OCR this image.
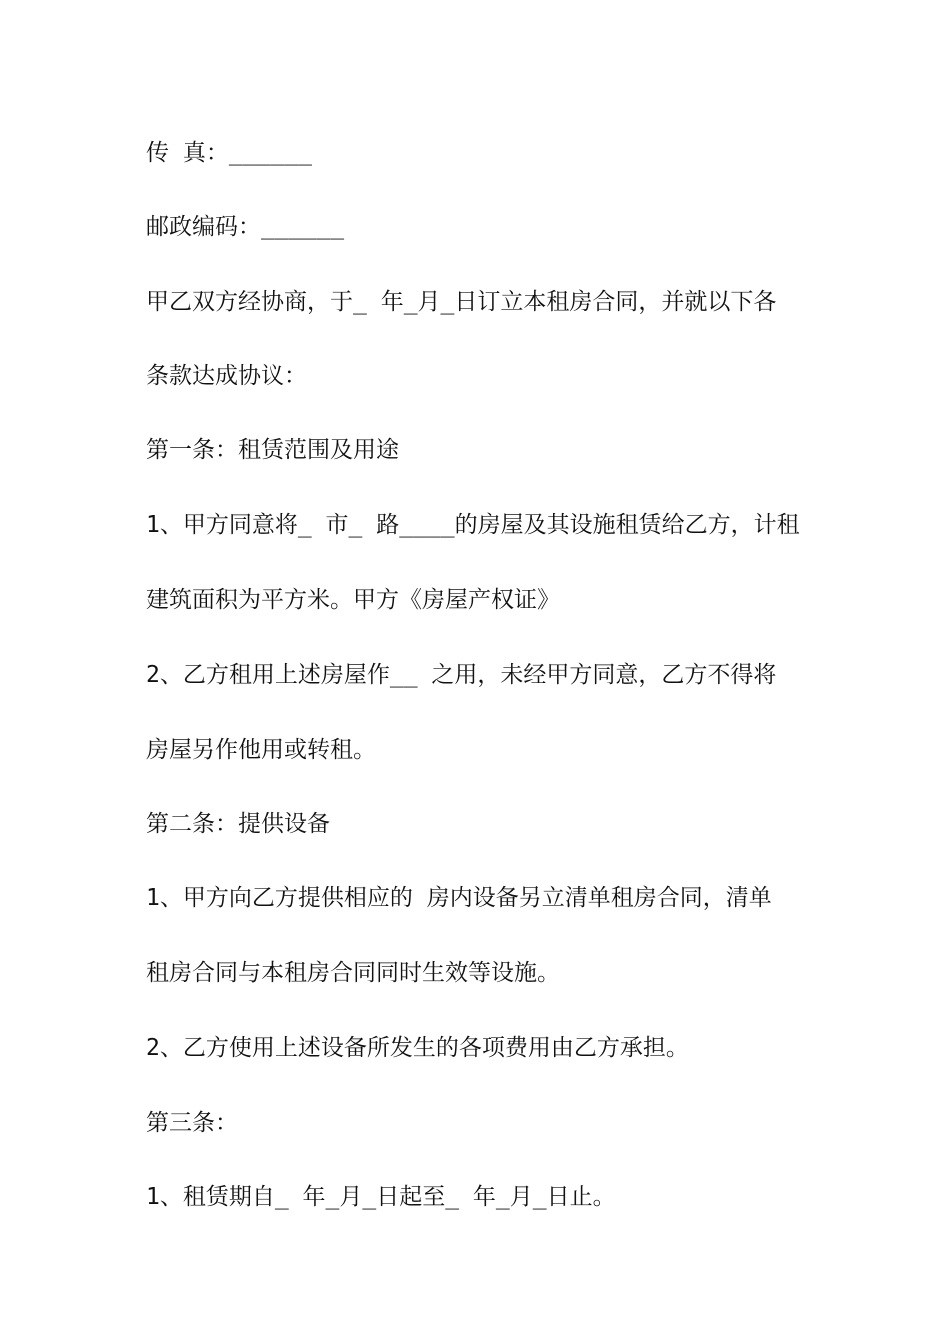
传 真：______
邮政编码：______
甲乙双方经协商，于_ 年_月_日订立本租房合同，并就以下各
条款达成协议：
第一条：租赁范围及用途
1、甲方同意将_ 市_ 路____的房屋及其设施租赁给乙方，计租
建筑面积为平方米。甲方《房屋产权证》
2、乙方租用上述房屋作__ 之用，未经甲方同意，乙方不得将
房屋另作他用或转租。
第二条：提供设备
1、甲方向乙方提供相应的 房内设备另立清单租房合同，清单
租房合同与本租房合同同时生效等设施。
2、乙方使用上述设备所发生的各项费用由乙方承担。
第三条：
1、租赁期自_ 年_月_日起至_ 年_月_日止。
